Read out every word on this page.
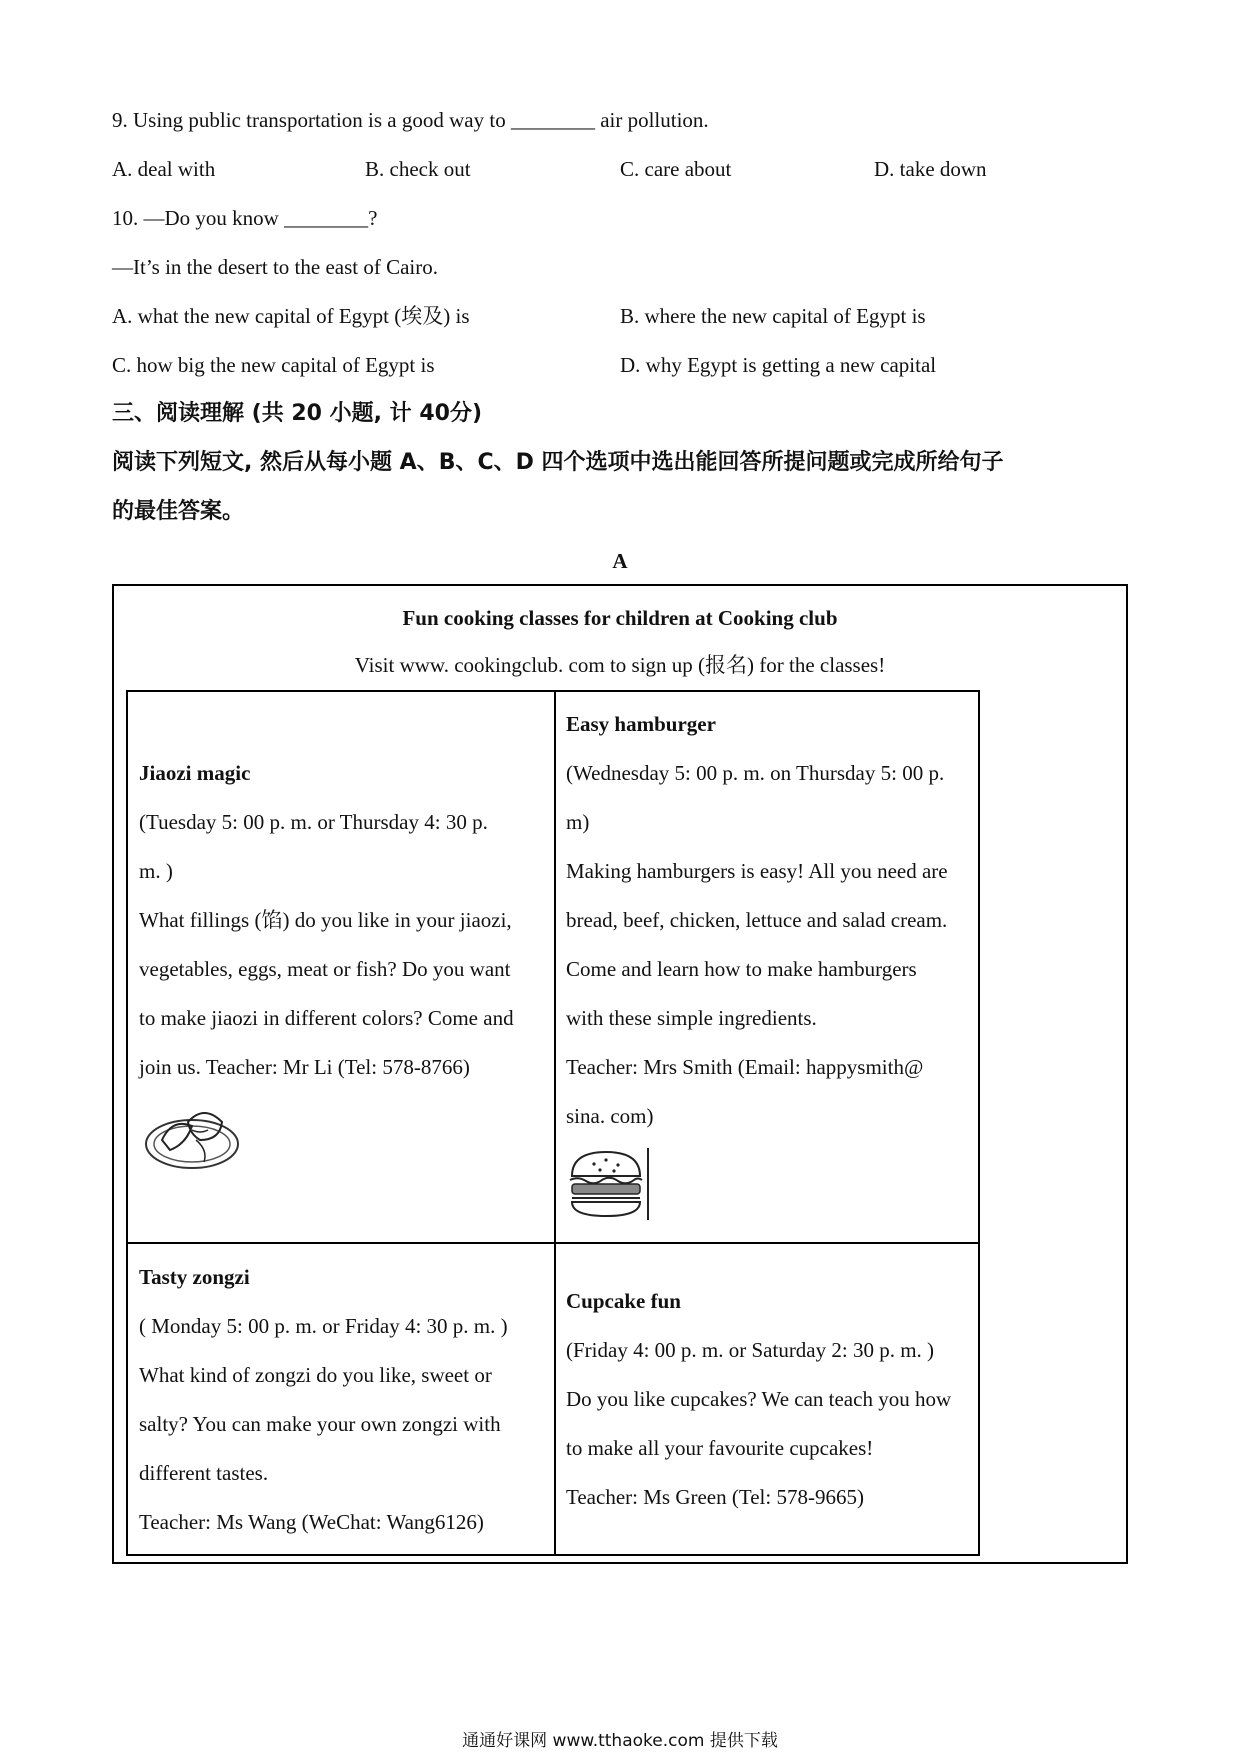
9. Using public transportation is a good way to ________ air pollution.
A. deal with	B. check out	C. care about	D. take down
10. —Do you know ________?
—It’s in the desert to the east of Cairo.
A. what the new capital of Egypt (埃及) is	B. where the new capital of Egypt is
C. how big the new capital of Egypt is	D. why Egypt is getting a new capital
三、阅读理解 (共 20 小题, 计 40分)
阅读下列短文, 然后从每小题 A、B、C、D 四个选项中选出能回答所提问题或完成所给句子
的最佳答案。
A
Fun cooking classes for children at Cooking club
Visit www. cookingclub. com to sign up (报名) for the classes!
Jiaozi magic
(Tuesday 5: 00 p. m. or Thursday 4: 30 p.
m. )
What fillings (馅) do you like in your jiaozi,
vegetables, eggs, meat or fish? Do you want
to make jiaozi in different colors? Come and
join us. Teacher: Mr Li (Tel: 578-8766)
Easy hamburger
(Wednesday 5: 00 p. m. on Thursday 5: 00 p.
m)
Making hamburgers is easy! All you need are
bread, beef, chicken, lettuce and salad cream.
Come and learn how to make hamburgers
with these simple ingredients.
Teacher: Mrs Smith (Email: happysmith@
sina. com)
Tasty zongzi
( Monday 5: 00 p. m. or Friday 4: 30 p. m. )
What kind of zongzi do you like, sweet or
salty? You can make your own zongzi with
different tastes.
Teacher: Ms Wang (WeChat: Wang6126)
Cupcake fun
(Friday 4: 00 p. m. or Saturday 2: 30 p. m. )
Do you like cupcakes? We can teach you how
to make all your favourite cupcakes!
Teacher: Ms Green (Tel: 578-9665)
通通好课网 www.tthaoke.com 提供下载
